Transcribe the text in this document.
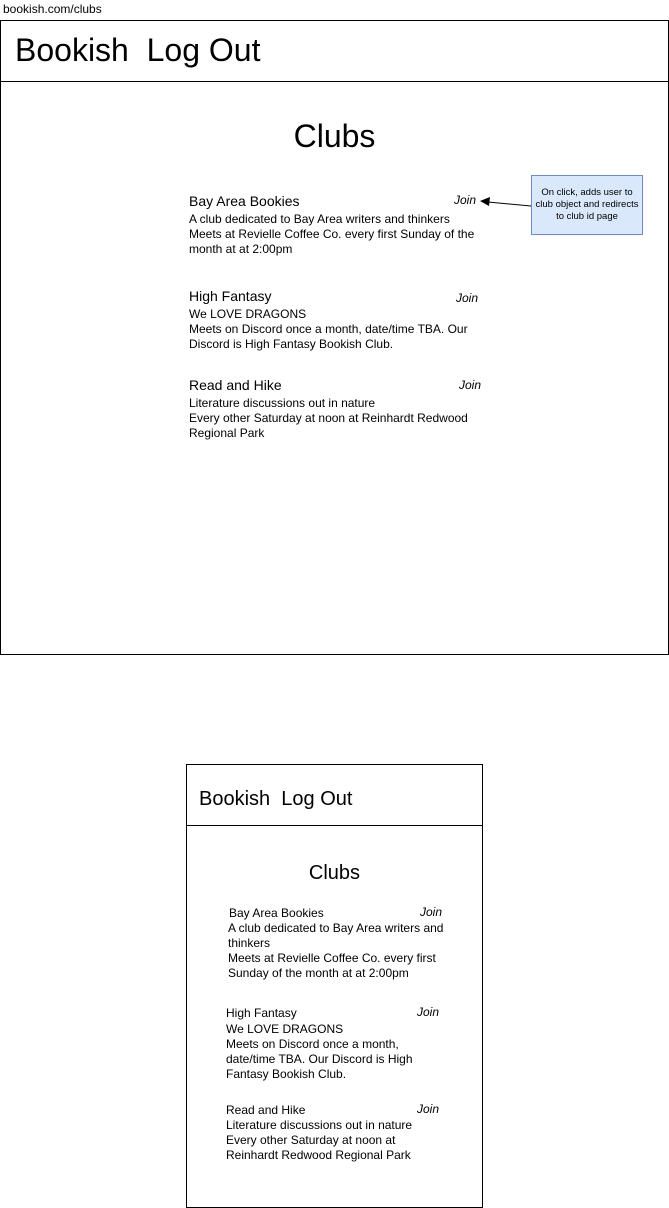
bookish.com/clubs
Bookish Log Out
Clubs
Bay Area Bookies	Join
A club dedicated to Bay Area writers and thinkers
Meets at Revielle Coffee Co. every first Sunday of the month at at 2:00pm
High Fantasy	Join
We LOVE DRAGONS
Meets on Discord once a month, date/time TBA. Our Discord is High Fantasy Bookish Club.
Read and Hike	Join
Literature discussions out in nature
Every other Saturday at noon at Reinhardt Redwood Regional Park
On click, adds user to club object and redirects to club id page
Bookish Log Out
Clubs
Bay Area Bookies	Join
A club dedicated to Bay Area writers and thinkers
Meets at Revielle Coffee Co. every first Sunday of the month at at 2:00pm
High Fantasy	Join
We LOVE DRAGONS
Meets on Discord once a month, date/time TBA. Our Discord is High Fantasy Bookish Club.
Read and Hike	Join
Literature discussions out in nature
Every other Saturday at noon at Reinhardt Redwood Regional Park
